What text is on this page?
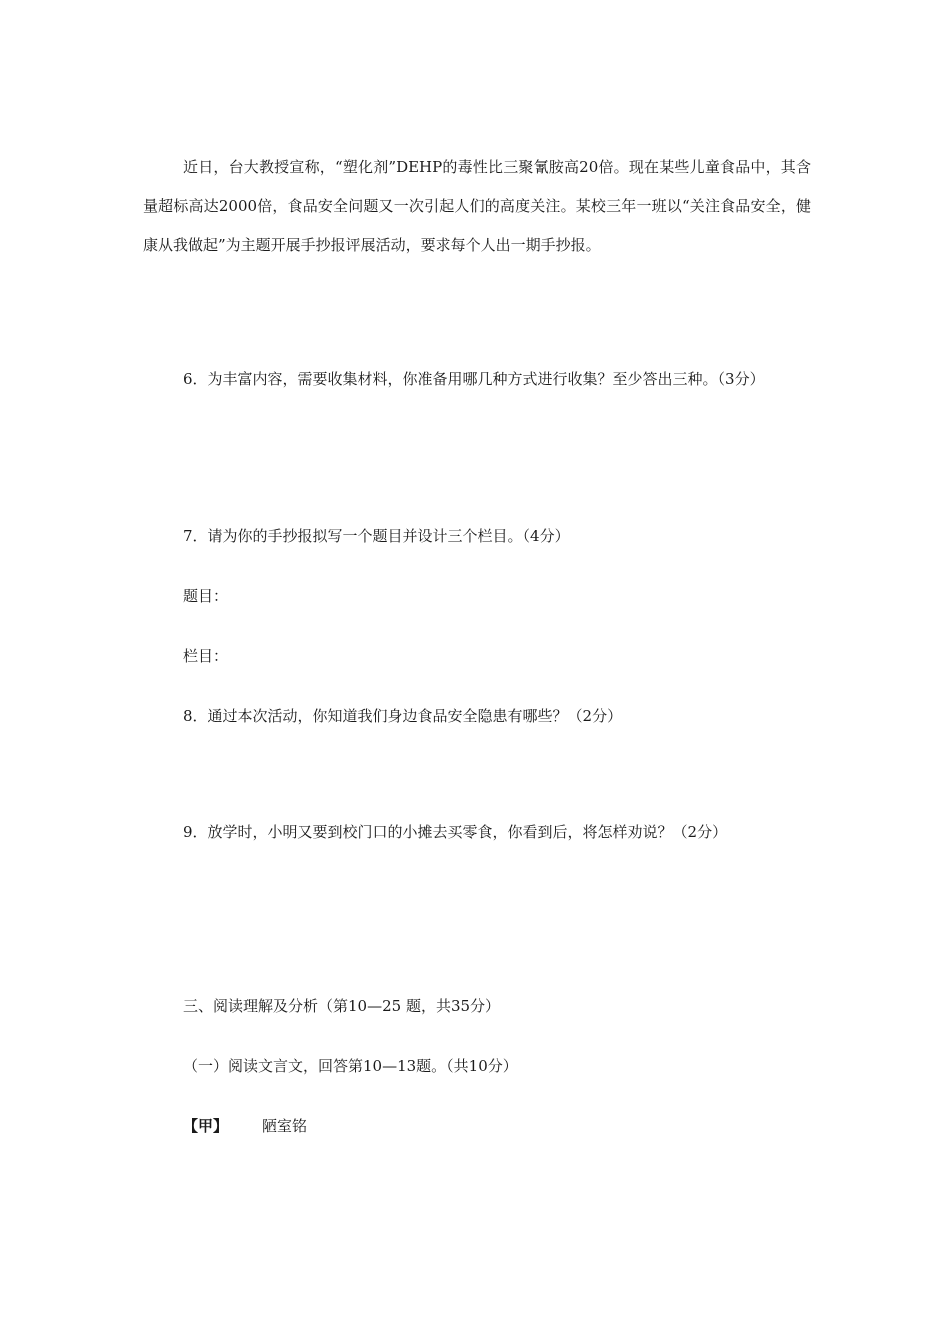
近日，台大教授宣称，“塑化剂”DEHP的毒性比三聚氰胺高20倍。现在某些儿童食品中，其含量超标高达2000倍，食品安全问题又一次引起人们的高度关注。某校三年一班以“关注食品安全，健康从我做起”为主题开展手抄报评展活动，要求每个人出一期手抄报。

6．为丰富内容，需要收集材料，你准备用哪几种方式进行收集？至少答出三种。（3分）

7．请为你的手抄报拟写一个题目并设计三个栏目。（4分）

题目：

栏目：

8．通过本次活动，你知道我们身边食品安全隐患有哪些？（2分）

9．放学时，小明又要到校门口的小摊去买零食，你看到后，将怎样劝说？（2分）

三、阅读理解及分析（第10—25 题，共35分）

（一）阅读文言文，回答第10—13题。（共10分）

【甲】 陋室铭
